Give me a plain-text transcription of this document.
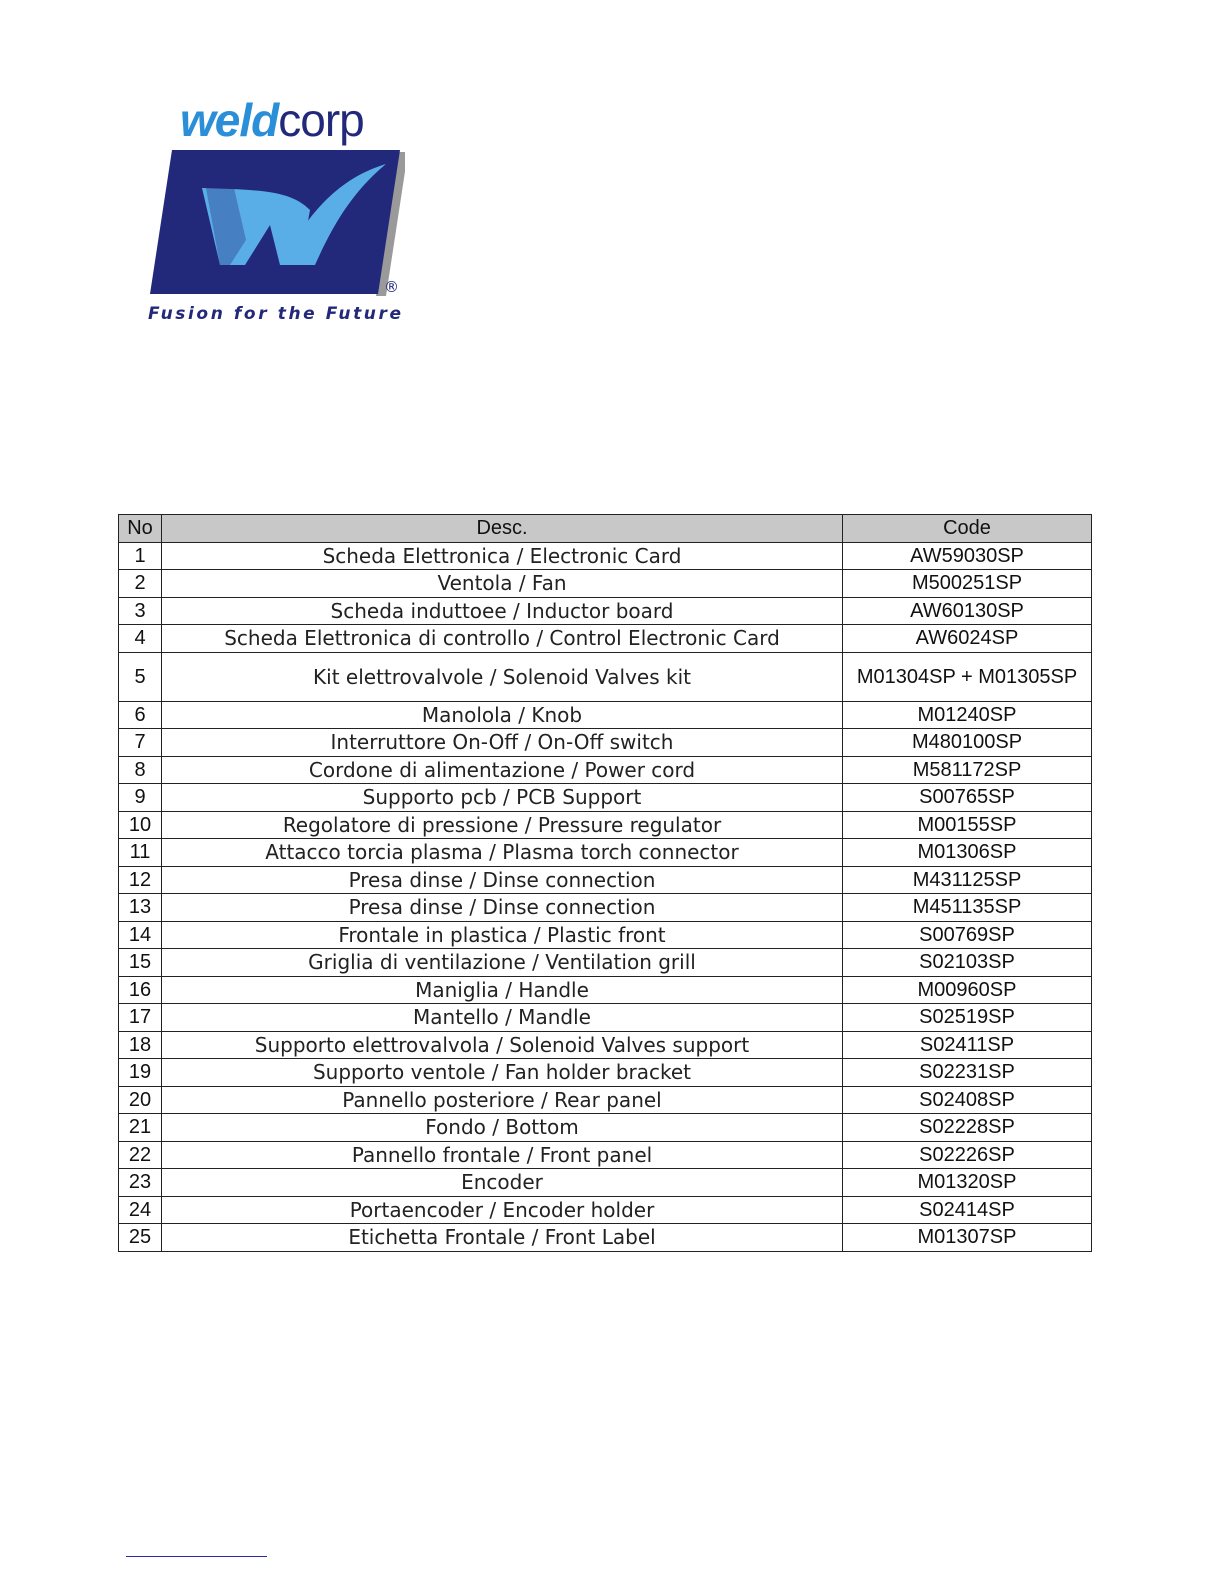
weldcorp
®
Fusion for the Future
No	Desc.	Code
1	Scheda Elettronica / Electronic Card	AW59030SP
2	Ventola / Fan	M500251SP
3	Scheda induttoee / Inductor board	AW60130SP
4	Scheda Elettronica di controllo / Control Electronic Card	AW6024SP
5	Kit elettrovalvole / Solenoid Valves kit	M01304SP + M01305SP
6	Manolola / Knob	M01240SP
7	Interruttore On-Off / On-Off switch	M480100SP
8	Cordone di alimentazione / Power cord	M581172SP
9	Supporto pcb / PCB Support	S00765SP
10	Regolatore di pressione / Pressure regulator	M00155SP
11	Attacco torcia plasma / Plasma torch connector	M01306SP
12	Presa dinse / Dinse connection	M431125SP
13	Presa dinse / Dinse connection	M451135SP
14	Frontale in plastica / Plastic front	S00769SP
15	Griglia di ventilazione / Ventilation grill	S02103SP
16	Maniglia / Handle	M00960SP
17	Mantello / Mandle	S02519SP
18	Supporto elettrovalvola / Solenoid Valves support	S02411SP
19	Supporto ventole / Fan holder bracket	S02231SP
20	Pannello posteriore / Rear panel	S02408SP
21	Fondo / Bottom	S02228SP
22	Pannello frontale / Front panel	S02226SP
23	Encoder	M01320SP
24	Portaencoder / Encoder holder	S02414SP
25	Etichetta Frontale / Front Label	M01307SP
